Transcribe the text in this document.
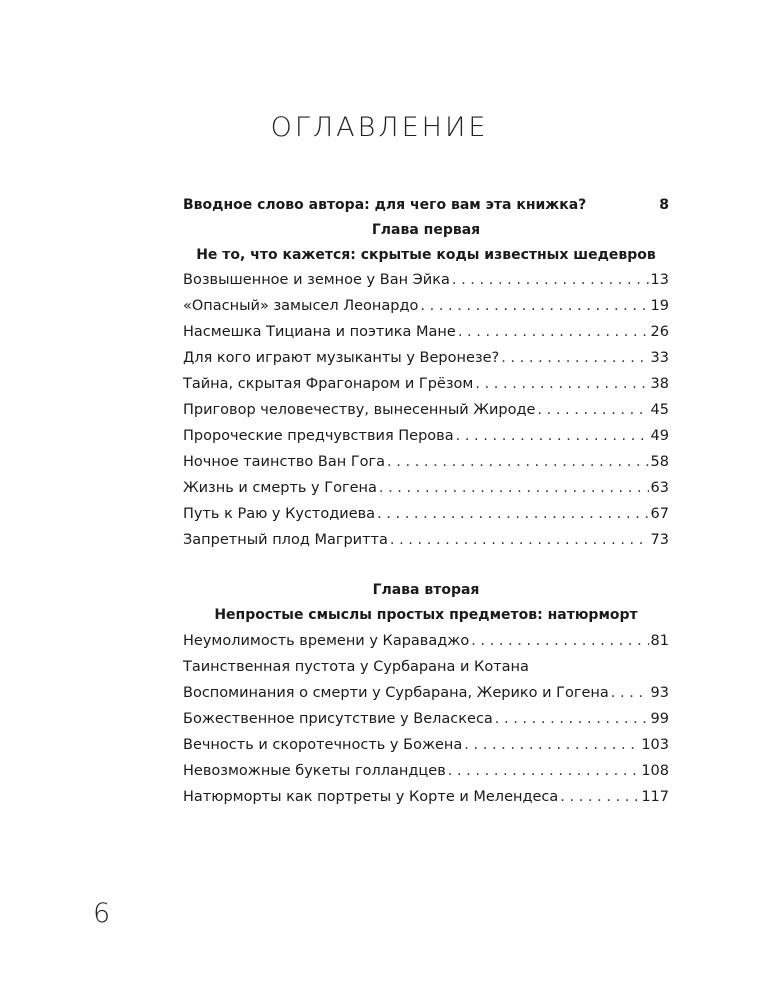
ОГЛАВЛЕНИЕ
Вводное слово автора: для чего вам эта книжка?	8
Глава первая
Не то, что кажется: скрытые коды известных шедевров
Возвышенное и земное у Ван Эйка . . .	13
«Опасный» замысел Леонардо . . .	19
Насмешка Тициана и поэтика Мане . . .	26
Для кого играют музыканты у Веронезе? . . .	33
Тайна, скрытая Фрагонаром и Грёзом . . .	38
Приговор человечеству, вынесенный Жироде . . .	45
Пророческие предчувствия Перова . . .	49
Ночное таинство Ван Гога . . .	58
Жизнь и смерть у Гогена . . .	63
Путь к Раю у Кустодиева . . .	67
Запретный плод Магритта . . .	73
Глава вторая
Непростые смыслы простых предметов: натюрморт
Неумолимость времени у Караваджо . . .	81
Таинственная пустота у Сурбарана и Котана
Воспоминания о смерти у Сурбарана, Жерико и Гогена . . .	93
Божественное присутствие у Веласкеса . . .	99
Вечность и скоротечность у Божена . . .	103
Невозможные букеты голландцев . . .	108
Натюрморты как портреты у Корте и Мелендеса . . .	117
6
